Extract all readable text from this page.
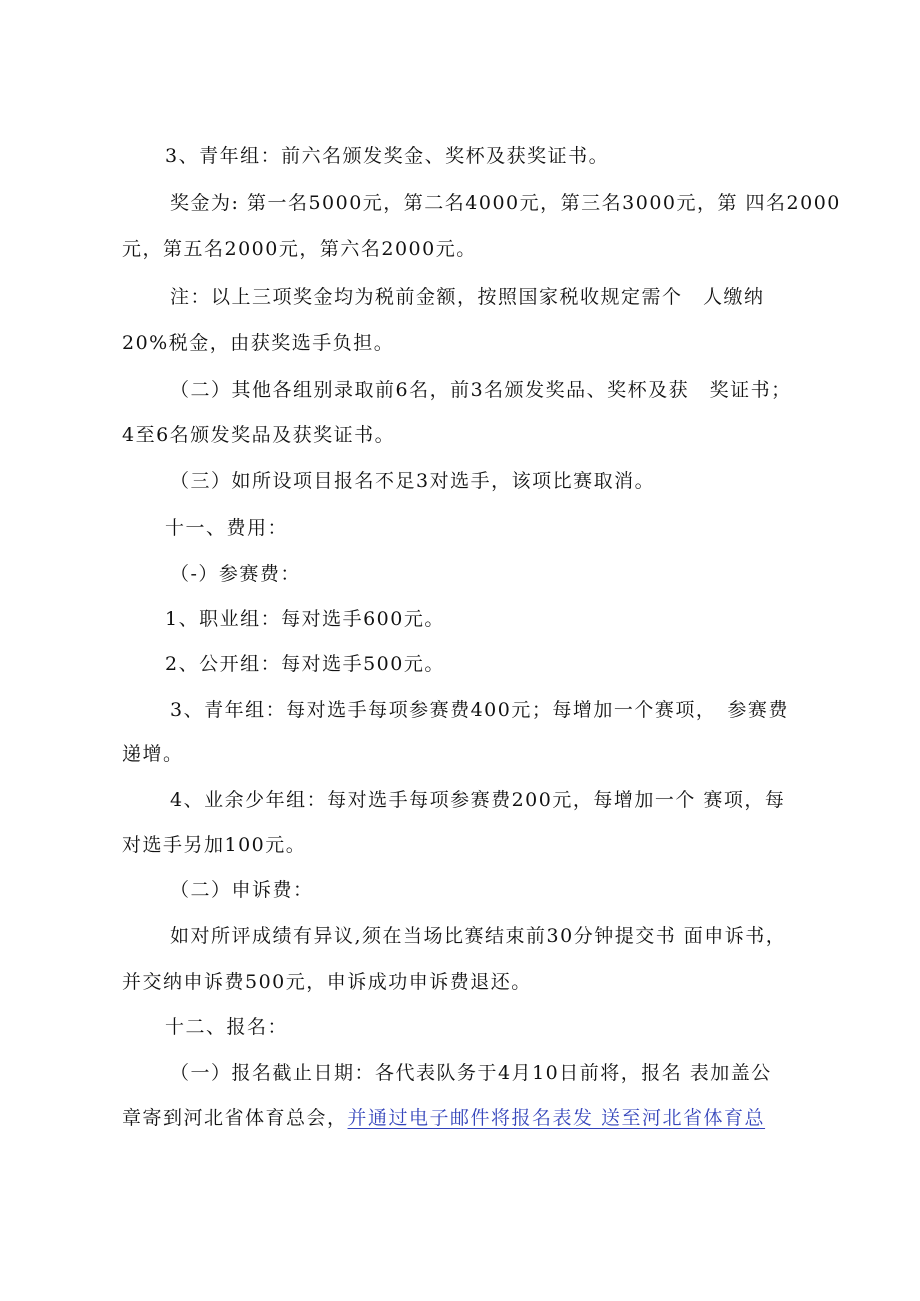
3、青年组：前六名颁发奖金、奖杯及获奖证书。
奖金为: 第一名5000元，第二名4000元，第三名3000元，第 四名2000
元，第五名2000元，第六名2000元。
注：以上三项奖金均为税前金额，按照国家税收规定需个　人缴纳
20%税金，由获奖选手负担。
（二）其他各组别录取前6名，前3名颁发奖品、奖杯及获　奖证书；
4至6名颁发奖品及获奖证书。
（三）如所设项目报名不足3对选手，该项比赛取消。
十一、费用：
（-）参赛费：
1、职业组：每对选手600元。
2、公开组：每对选手500元。
3、青年组：每对选手每项参赛费400元；每增加一个赛项，　参赛费
递增。
4、业余少年组：每对选手每项参赛费200元，每增加一个 赛项，每
对选手另加100元。
（二）申诉费：
如对所评成绩有异议,须在当场比赛结束前30分钟提交书 面申诉书，
并交纳申诉费500元，申诉成功申诉费退还。
十二、报名：
（一）报名截止日期：各代表队务于4月10日前将，报名 表加盖公
章寄到河北省体育总会，并通过电子邮件将报名表发 送至河北省体育总
